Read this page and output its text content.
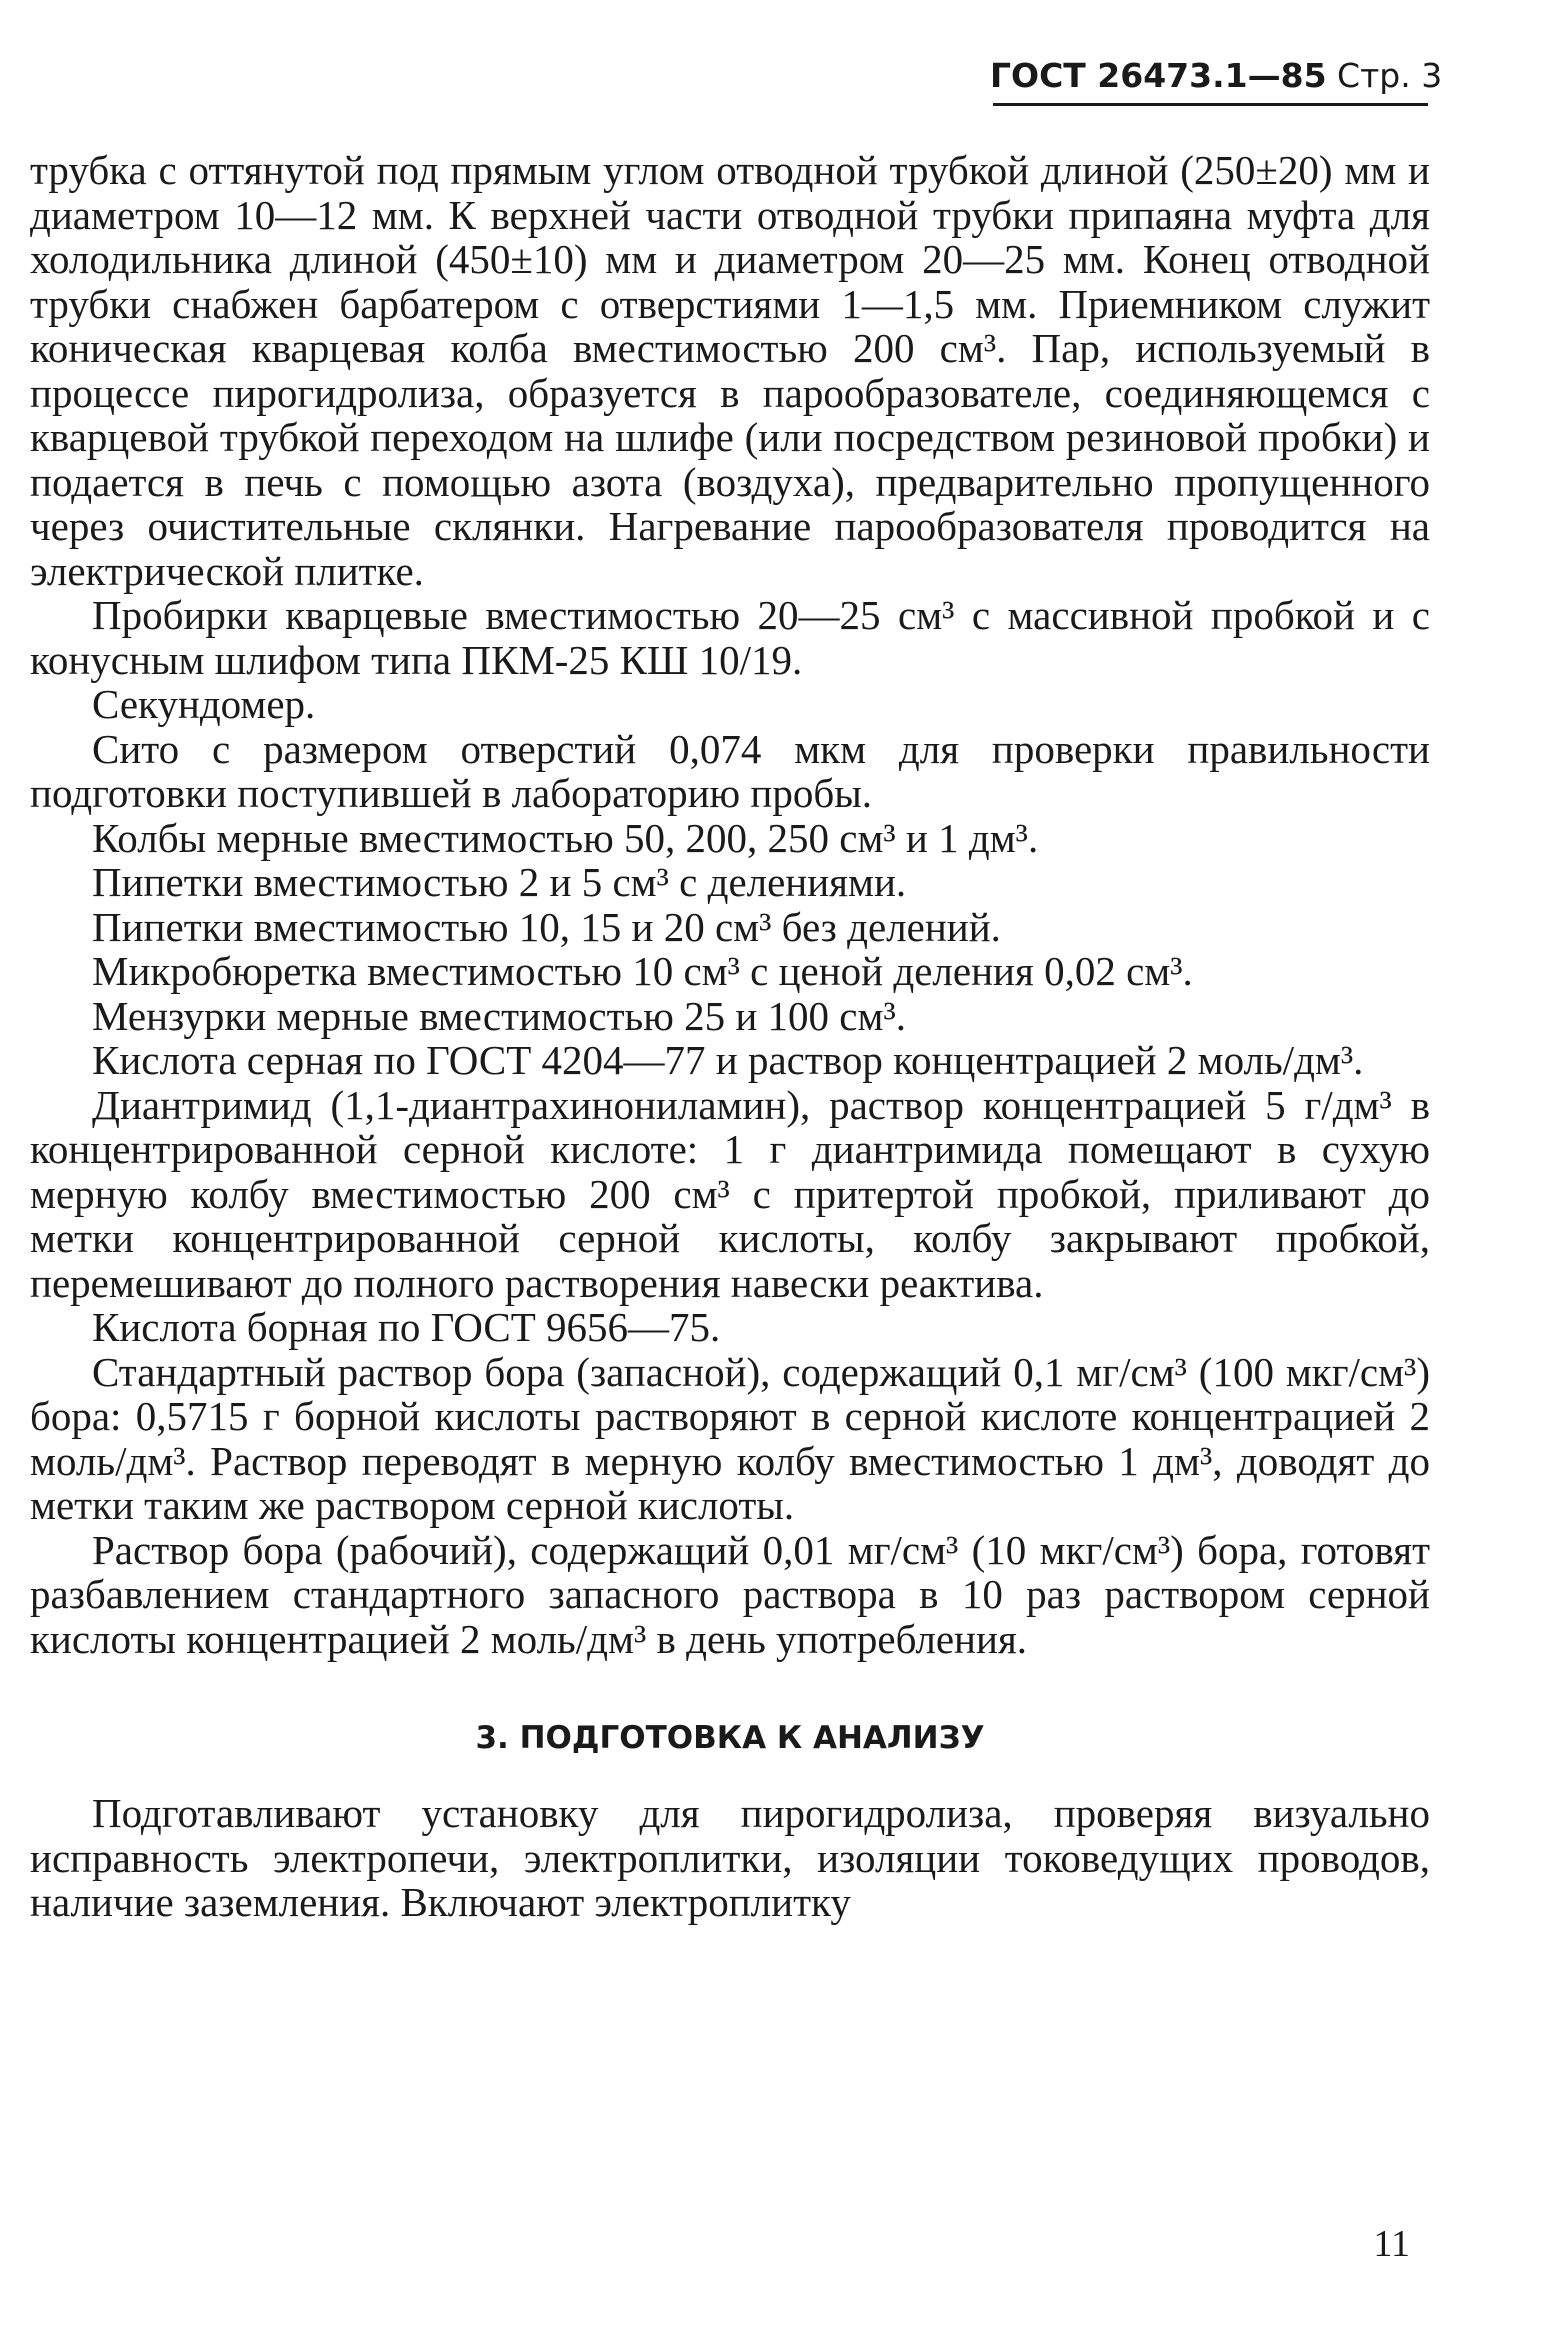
ГОСТ 26473.1—85 Стр. 3

трубка с оттянутой под прямым углом отводной трубкой длиной (250±20) мм и диаметром 10—12 мм. К верхней части отводной трубки припаяна муфта для холодильника длиной (450±10) мм и диаметром 20—25 мм. Конец отводной трубки снабжен барбатером с отверстиями 1—1,5 мм. Приемником служит коническая кварцевая колба вместимостью 200 см³. Пар, используемый в процессе пирогидролиза, образуется в парообразователе, соединяющемся с кварцевой трубкой переходом на шлифе (или посредством резиновой пробки) и подается в печь с помощью азота (воздуха), предварительно пропущенного через очистительные склянки. Нагревание парообразователя проводится на электрической плитке.

Пробирки кварцевые вместимостью 20—25 см³ с массивной пробкой и с конусным шлифом типа ПКМ-25 КШ 10/19.

Секундомер.

Сито с размером отверстий 0,074 мкм для проверки правильности подготовки поступившей в лабораторию пробы.

Колбы мерные вместимостью 50, 200, 250 см³ и 1 дм³.

Пипетки вместимостью 2 и 5 см³ с делениями.

Пипетки вместимостью 10, 15 и 20 см³ без делений.

Микробюретка вместимостью 10 см³ с ценой деления 0,02 см³.

Мензурки мерные вместимостью 25 и 100 см³.

Кислота серная по ГОСТ 4204—77 и раствор концентрацией 2 моль/дм³.

Диантримид (1,1-диантрахинониламин), раствор концентрацией 5 г/дм³ в концентрированной серной кислоте: 1 г диантримида помещают в сухую мерную колбу вместимостью 200 см³ с притертой пробкой, приливают до метки концентрированной серной кислоты, колбу закрывают пробкой, перемешивают до полного растворения навески реактива.

Кислота борная по ГОСТ 9656—75.

Стандартный раствор бора (запасной), содержащий 0,1 мг/см³ (100 мкг/см³) бора: 0,5715 г борной кислоты растворяют в серной кислоте концентрацией 2 моль/дм³. Раствор переводят в мерную колбу вместимостью 1 дм³, доводят до метки таким же раствором серной кислоты.

Раствор бора (рабочий), содержащий 0,01 мг/см³ (10 мкг/см³) бора, готовят разбавлением стандартного запасного раствора в 10 раз раствором серной кислоты концентрацией 2 моль/дм³ в день употребления.

3. ПОДГОТОВКА К АНАЛИЗУ

Подготавливают установку для пирогидролиза, проверяя визуально исправность электропечи, электроплитки, изоляции токоведущих проводов, наличие заземления. Включают электроплитку

11
